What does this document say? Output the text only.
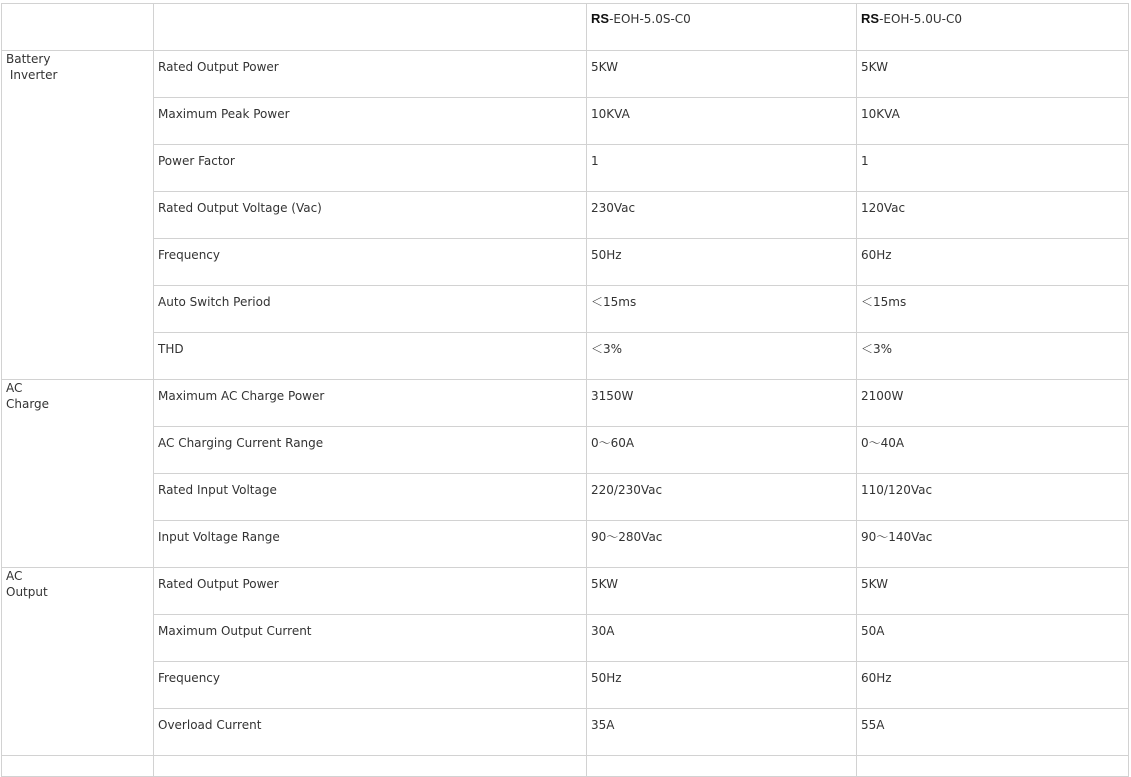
		RS-EOH-5.0S-C0	RS-EOH-5.0U-C0

Battery
Inverter	Rated Output Power	5KW	5KW

	Maximum Peak Power	10KVA	10KVA

	Power Factor	1	1

	Rated Output Voltage (Vac)	230Vac	120Vac

	Frequency	50Hz	60Hz

	Auto Switch Period	＜15ms	＜15ms

	THD	＜3%	＜3%

AC
Charge	Maximum AC Charge Power	3150W	2100W

	AC Charging Current Range	0～60A	0～40A

	Rated Input Voltage	220/230Vac	110/120Vac

	Input Voltage Range	90～280Vac	90～140Vac

AC
Output	Rated Output Power	5KW	5KW

	Maximum Output Current	30A	50A

	Frequency	50Hz	60Hz

	Overload Current	35A	55A
